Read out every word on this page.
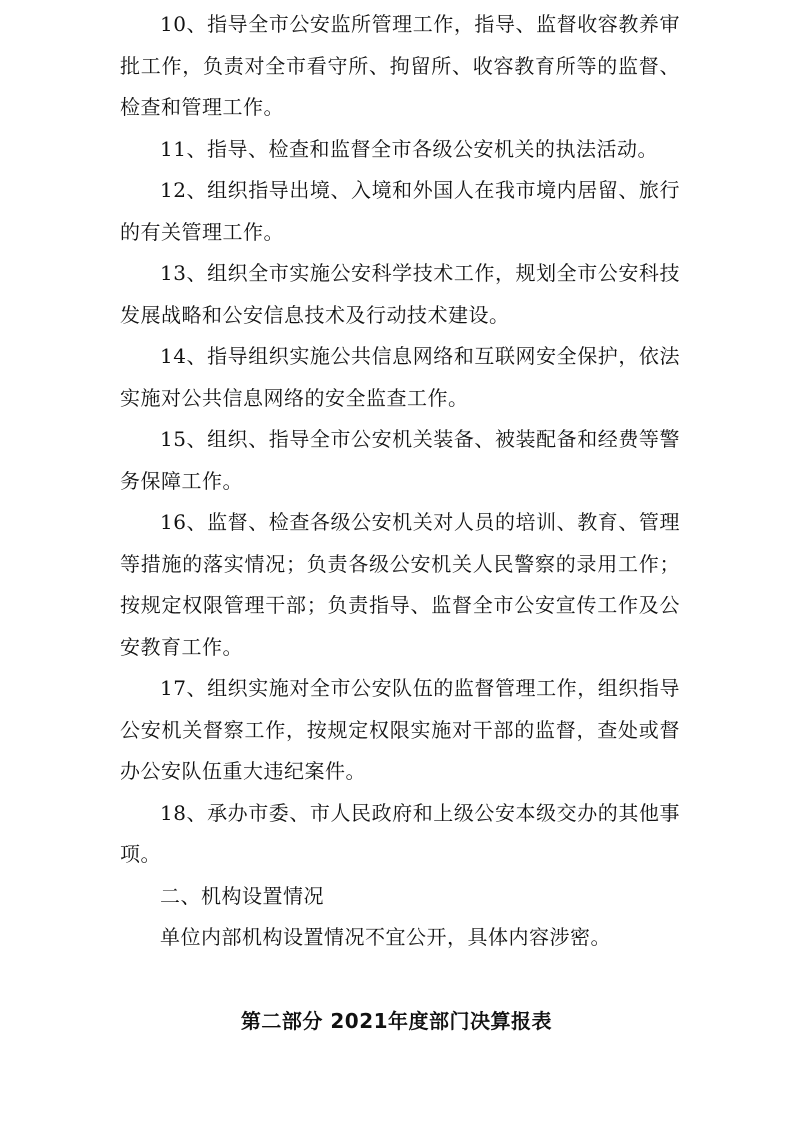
10、指导全市公安监所管理工作，指导、监督收容教养审批工作，负责对全市看守所、拘留所、收容教育所等的监督、检查和管理工作。

11、指导、检查和监督全市各级公安机关的执法活动。

12、组织指导出境、入境和外国人在我市境内居留、旅行的有关管理工作。

13、组织全市实施公安科学技术工作，规划全市公安科技发展战略和公安信息技术及行动技术建设。

14、指导组织实施公共信息网络和互联网安全保护，依法实施对公共信息网络的安全监查工作。

15、组织、指导全市公安机关装备、被装配备和经费等警务保障工作。

16、监督、检查各级公安机关对人员的培训、教育、管理等措施的落实情况；负责各级公安机关人民警察的录用工作；按规定权限管理干部；负责指导、监督全市公安宣传工作及公安教育工作。

17、组织实施对全市公安队伍的监督管理工作，组织指导公安机关督察工作，按规定权限实施对干部的监督，查处或督办公安队伍重大违纪案件。

18、承办市委、市人民政府和上级公安本级交办的其他事项。

二、机构设置情况

单位内部机构设置情况不宜公开，具体内容涉密。

第二部分 2021年度部门决算报表
